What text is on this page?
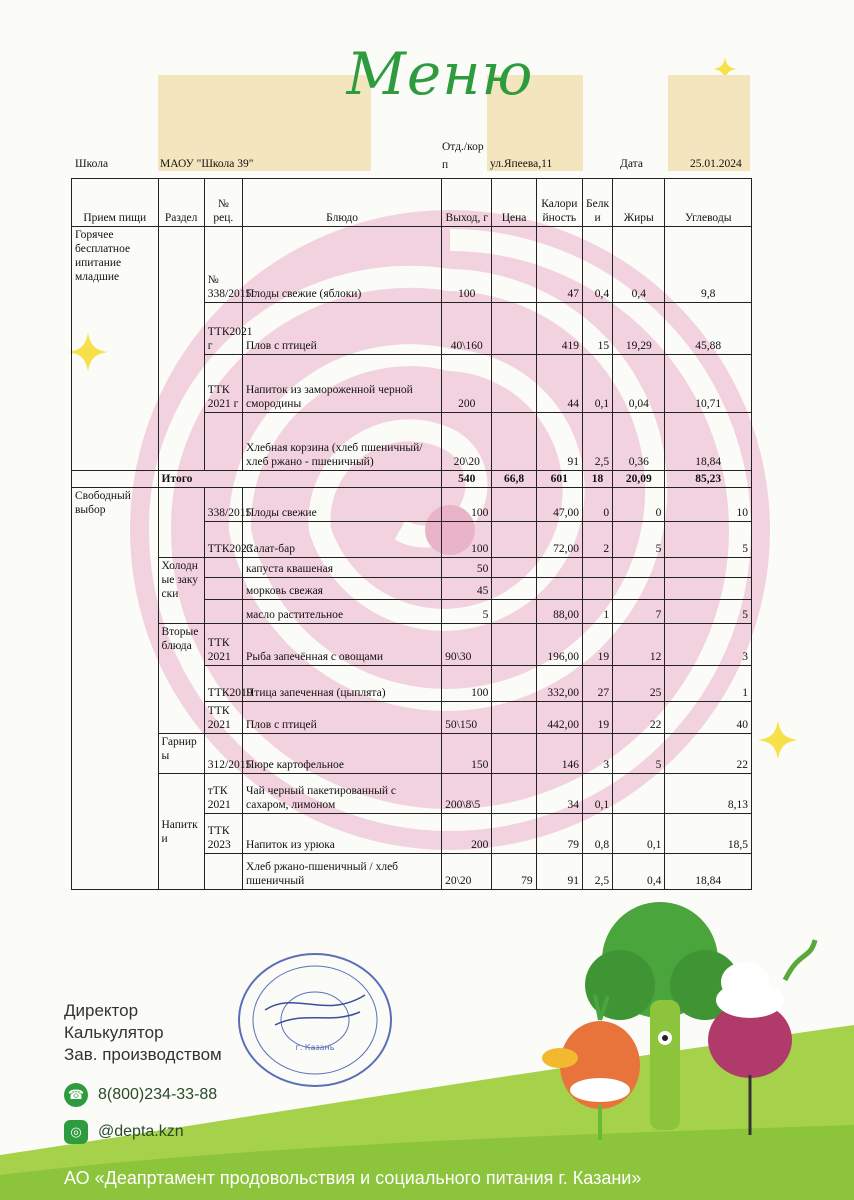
Меню
Школа	МАОУ "Школа 39"
Отд./корп	ул.Япеева,11	Дата	25.01.2024
Прием пищи	Раздел	№ рец.	Блюдо	Выход, г	Цена	Калорийность	Белки	Жиры	Углеводы
Горячее бесплатное ипитание младшие		№ 338/2015г	Плоды свежие (яблоки)	100		47	0,4	0,4	9,8
		ТТК2021 г	Плов с птицей	40\160		419	15	19,29	45,88
		ТТК 2021 г	Напиток из замороженной черной смородины	200		44	0,1	0,04	10,71
			Хлебная корзина (хлеб пшеничный/хлеб ржано - пшеничный)	20\20		91	2,5	0,36	18,84
	Итого			540	66,8	601	18	20,09	85,23
Свободный выбор		338/2015	Плоды свежие	100		47,00	0	0	10
		ТТК2023	Салат-бар	100		72,00	2	5	5
	Холодные закуски		капуста квашеная	50					
			морковь свежая	45					
			масло растительное	5		88,00	1	7	5
	Вторые блюда	ТТК 2021	Рыба запечённая с овощами	90\30		196,00	19	12	3
		ТТК2019	Птица запеченная (цыплята)	100		332,00	27	25	1
		ТТК 2021	Плов с птицей	50\150		442,00	19	22	40
	Гарниры	312/2015	Пюре картофельное	150		146	3	5	22
	Напитки	тТК 2021	Чай черный пакетированный с сахаром, лимоном	200\8\5		34	0,1		8,13
		ТТК 2023	Напиток из урюка	200		79	0,8	0,1	18,5
			Хлеб ржано-пшеничный / хлеб пшеничный	20\20	79	91	2,5	0,4	18,84
Директор
Калькулятор
Зав. производством	г. Казань
☎ 8(800)234-33-88
◎	@depta.kzn
АО «Деапртамент продовольствия и социального питания г. Казани»
